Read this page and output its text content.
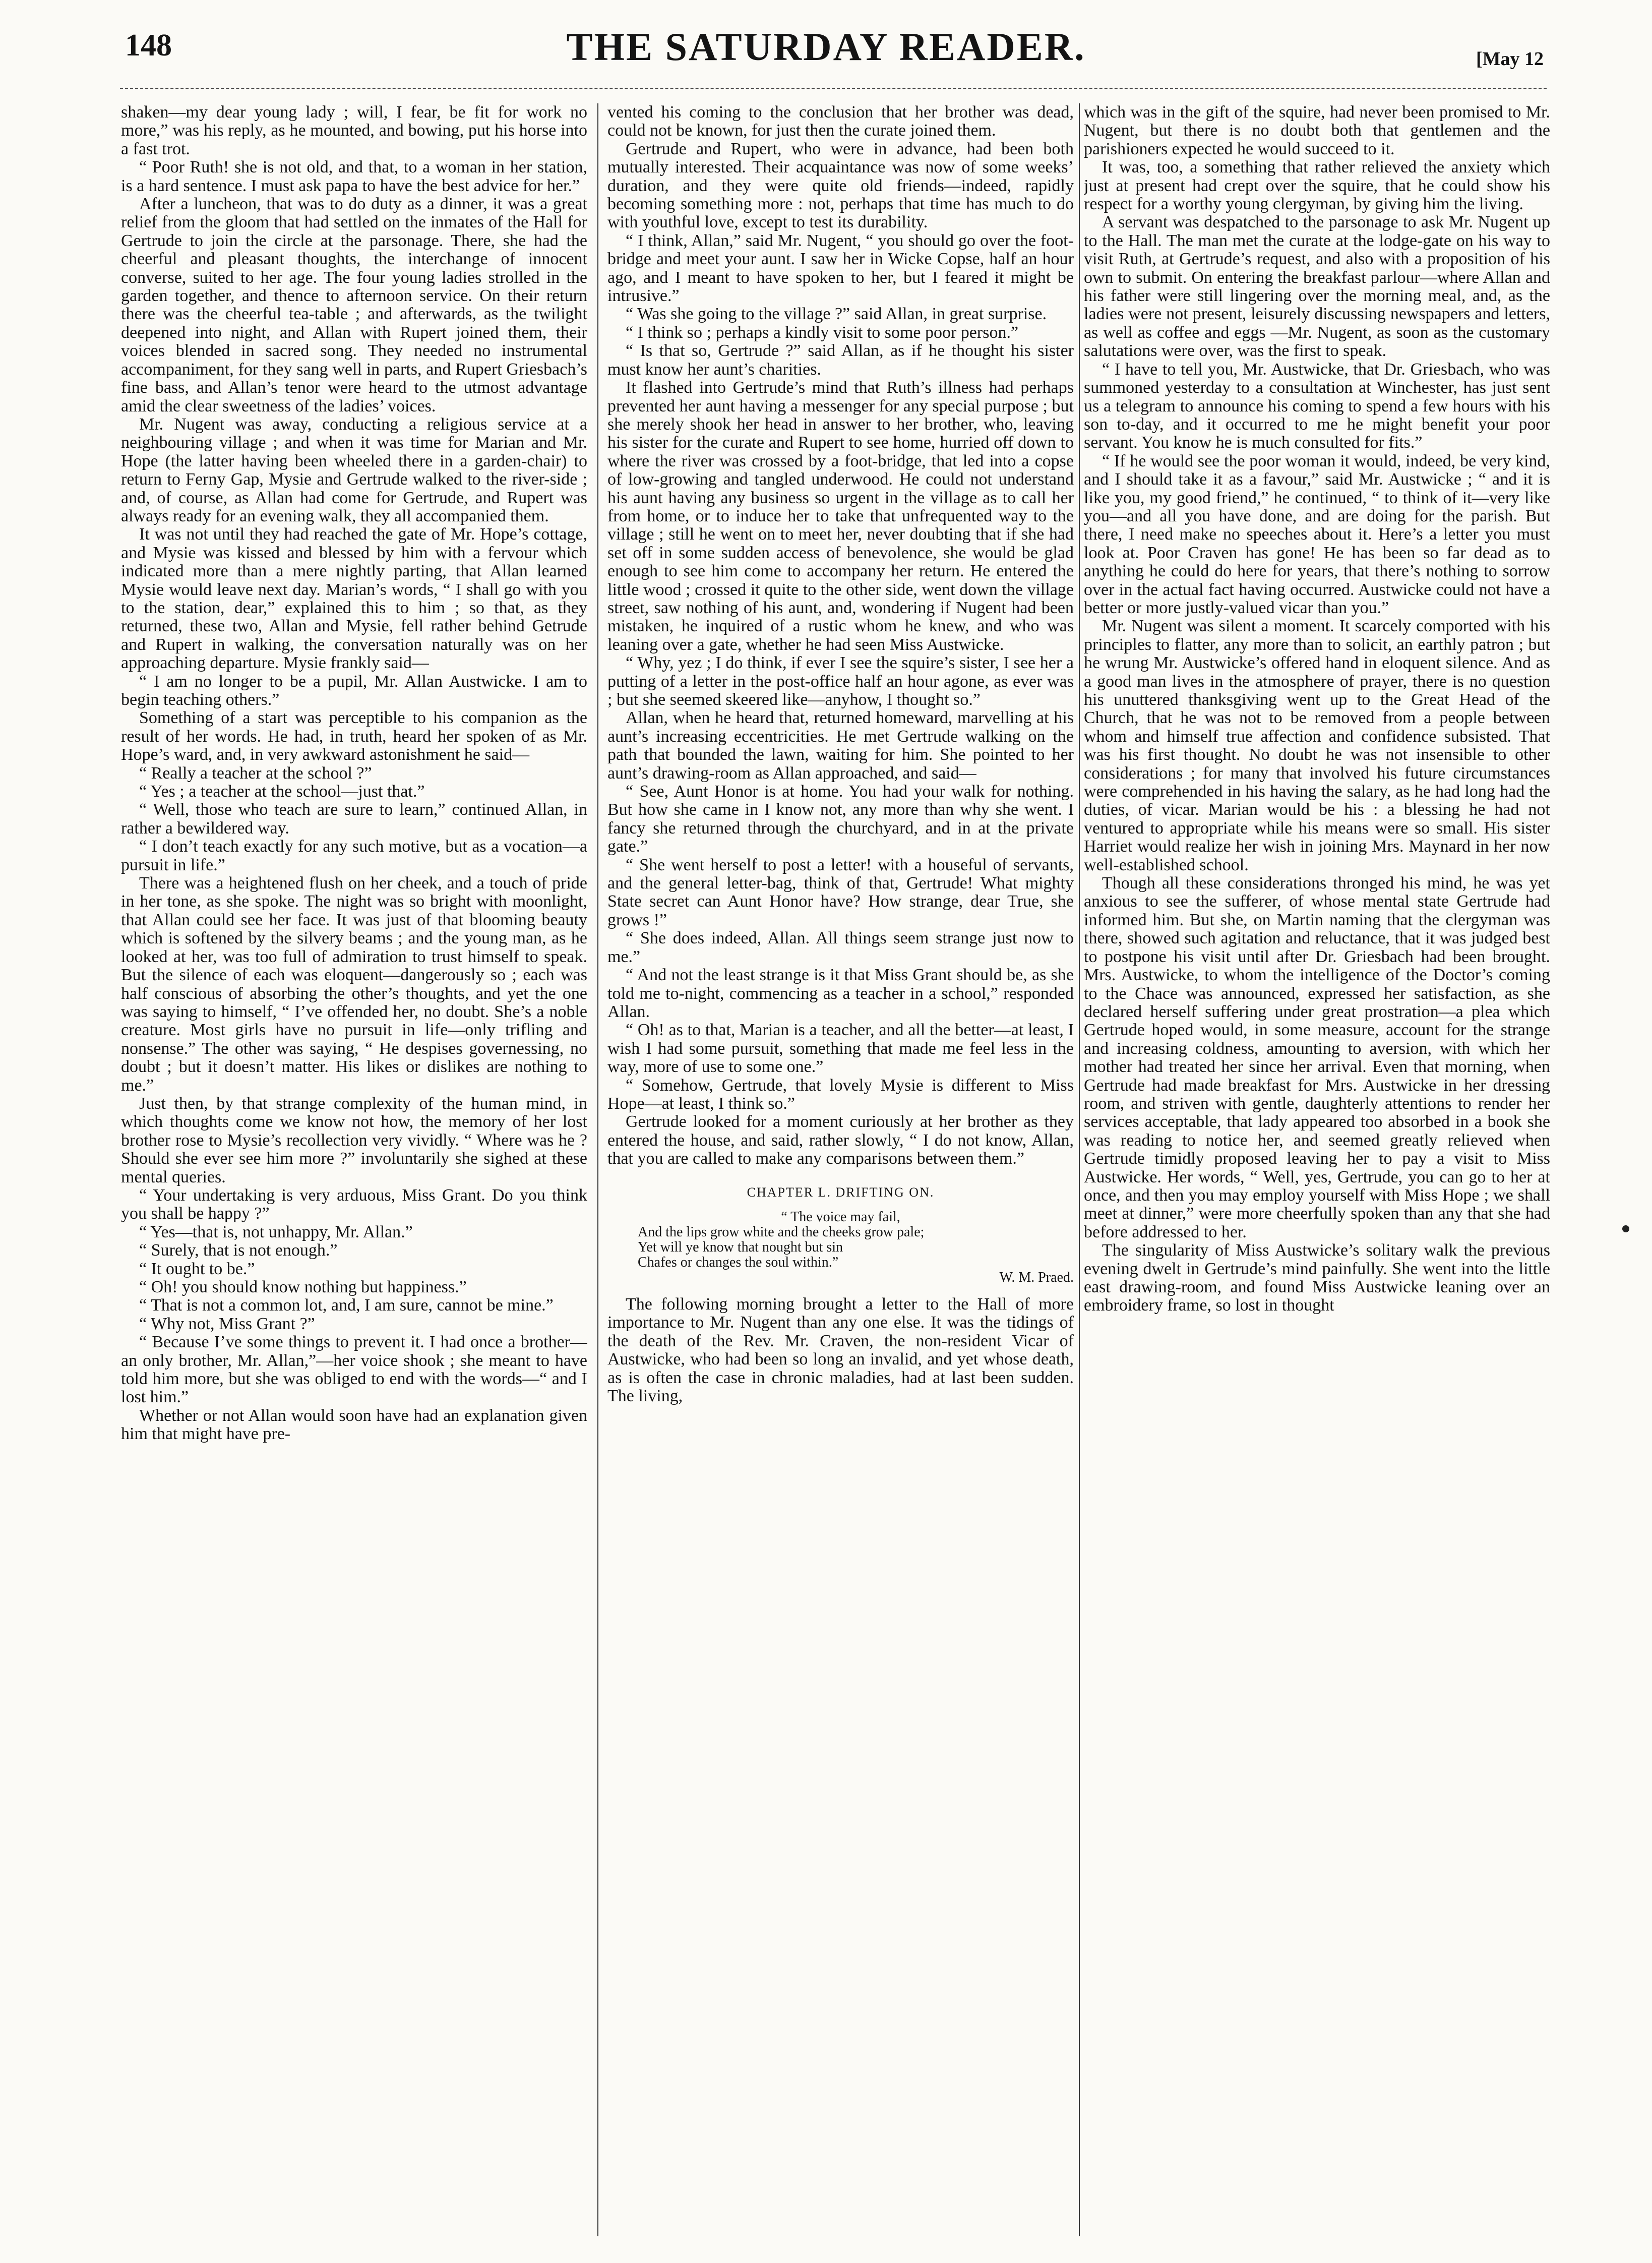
148	THE SATURDAY READER.	[May 12

shaken—my dear young lady ; will, I fear, be fit for work no more,” was his reply, as he mounted, and bowing, put his horse into a fast trot.

“ Poor Ruth! she is not old, and that, to a woman in her station, is a hard sentence. I must ask papa to have the best advice for her.”

After a luncheon, that was to do duty as a dinner, it was a great relief from the gloom that had settled on the inmates of the Hall for Gertrude to join the circle at the parsonage. There, she had the cheerful and pleasant thoughts, the interchange of innocent converse, suited to her age. The four young ladies strolled in the garden together, and thence to afternoon service. On their return there was the cheerful tea-table ; and afterwards, as the twilight deepened into night, and Allan with Rupert joined them, their voices blended in sacred song. They needed no instrumental accompaniment, for they sang well in parts, and Rupert Griesbach’s fine bass, and Allan’s tenor were heard to the utmost advantage amid the clear sweetness of the ladies’ voices.

Mr. Nugent was away, conducting a religious service at a neighbouring village ; and when it was time for Marian and Mr. Hope (the latter having been wheeled there in a garden-chair) to return to Ferny Gap, Mysie and Gertrude walked to the river-side ; and, of course, as Allan had come for Gertrude, and Rupert was always ready for an evening walk, they all accompanied them.

It was not until they had reached the gate of Mr. Hope’s cottage, and Mysie was kissed and blessed by him with a fervour which indicated more than a mere nightly parting, that Allan learned Mysie would leave next day. Marian’s words, “ I shall go with you to the station, dear,” explained this to him ; so that, as they returned, these two, Allan and Mysie, fell rather behind Getrude and Rupert in walking, the conversation naturally was on her approaching departure. Mysie frankly said—

“ I am no longer to be a pupil, Mr. Allan Austwicke. I am to begin teaching others.”

Something of a start was perceptible to his companion as the result of her words. He had, in truth, heard her spoken of as Mr. Hope’s ward, and, in very awkward astonishment he said—

“ Really a teacher at the school ?”

“ Yes ; a teacher at the school—just that.”

“ Well, those who teach are sure to learn,” continued Allan, in rather a bewildered way.

“ I don’t teach exactly for any such motive, but as a vocation—a pursuit in life.”

There was a heightened flush on her cheek, and a touch of pride in her tone, as she spoke. The night was so bright with moonlight, that Allan could see her face. It was just of that blooming beauty which is softened by the silvery beams ; and the young man, as he looked at her, was too full of admiration to trust himself to speak. But the silence of each was eloquent—dangerously so ; each was half conscious of absorbing the other’s thoughts, and yet the one was saying to himself, “ I’ve offended her, no doubt. She’s a noble creature. Most girls have no pursuit in life—only trifling and nonsense.” The other was saying, “ He despises governessing, no doubt ; but it doesn’t matter. His likes or dislikes are nothing to me.”

Just then, by that strange complexity of the human mind, in which thoughts come we know not how, the memory of her lost brother rose to Mysie’s recollection very vividly. “ Where was he ? Should she ever see him more ?” involuntarily she sighed at these mental queries.

“ Your undertaking is very arduous, Miss Grant. Do you think you shall be happy ?”

“ Yes—that is, not unhappy, Mr. Allan.”

“ Surely, that is not enough.”

“ It ought to be.”

“ Oh! you should know nothing but happiness.”

“ That is not a common lot, and, I am sure, cannot be mine.”

“ Why not, Miss Grant ?”

“ Because I’ve some things to prevent it. I had once a brother—an only brother, Mr. Allan,”—her voice shook ; she meant to have told him more, but she was obliged to end with the words—“ and I lost him.”

Whether or not Allan would soon have had an explanation given him that might have pre-

vented his coming to the conclusion that her brother was dead, could not be known, for just then the curate joined them.

Gertrude and Rupert, who were in advance, had been both mutually interested. Their acquaintance was now of some weeks’ duration, and they were quite old friends—indeed, rapidly becoming something more : not, perhaps that time has much to do with youthful love, except to test its durability.

“ I think, Allan,” said Mr. Nugent, “ you should go over the foot-bridge and meet your aunt. I saw her in Wicke Copse, half an hour ago, and I meant to have spoken to her, but I feared it might be intrusive.”

“ Was she going to the village ?” said Allan, in great surprise.

“ I think so ; perhaps a kindly visit to some poor person.”

“ Is that so, Gertrude ?” said Allan, as if he thought his sister must know her aunt’s charities.

It flashed into Gertrude’s mind that Ruth’s illness had perhaps prevented her aunt having a messenger for any special purpose ; but she merely shook her head in answer to her brother, who, leaving his sister for the curate and Rupert to see home, hurried off down to where the river was crossed by a foot-bridge, that led into a copse of low-growing and tangled underwood. He could not understand his aunt having any business so urgent in the village as to call her from home, or to induce her to take that unfrequented way to the village ; still he went on to meet her, never doubting that if she had set off in some sudden access of benevolence, she would be glad enough to see him come to accompany her return. He entered the little wood ; crossed it quite to the other side, went down the village street, saw nothing of his aunt, and, wondering if Nugent had been mistaken, he inquired of a rustic whom he knew, and who was leaning over a gate, whether he had seen Miss Austwicke.

“ Why, yez ; I do think, if ever I see the squire’s sister, I see her a putting of a letter in the post-office half an hour agone, as ever was ; but she seemed skeered like—anyhow, I thought so.”

Allan, when he heard that, returned homeward, marvelling at his aunt’s increasing eccentricities. He met Gertrude walking on the path that bounded the lawn, waiting for him. She pointed to her aunt’s drawing-room as Allan approached, and said—

“ See, Aunt Honor is at home. You had your walk for nothing. But how she came in I know not, any more than why she went. I fancy she returned through the churchyard, and in at the private gate.”

“ She went herself to post a letter! with a houseful of servants, and the general letter-bag, think of that, Gertrude! What mighty State secret can Aunt Honor have? How strange, dear True, she grows !”

“ She does indeed, Allan. All things seem strange just now to me.”

“ And not the least strange is it that Miss Grant should be, as she told me to-night, commencing as a teacher in a school,” responded Allan.

“ Oh! as to that, Marian is a teacher, and all the better—at least, I wish I had some pursuit, something that made me feel less in the way, more of use to some one.”

“ Somehow, Gertrude, that lovely Mysie is different to Miss Hope—at least, I think so.”

Gertrude looked for a moment curiously at her brother as they entered the house, and said, rather slowly, “ I do not know, Allan, that you are called to make any comparisons between them.”

CHAPTER L. DRIFTING ON.
“ The voice may fail,
And the lips grow white and the cheeks grow pale;
Yet will ye know that nought but sin
Chafes or changes the soul within.”
W. M. Praed.

The following morning brought a letter to the Hall of more importance to Mr. Nugent than any one else. It was the tidings of the death of the Rev. Mr. Craven, the non-resident Vicar of Austwicke, who had been so long an invalid, and yet whose death, as is often the case in chronic maladies, had at last been sudden. The living,

which was in the gift of the squire, had never been promised to Mr. Nugent, but there is no doubt both that gentlemen and the parishioners expected he would succeed to it.

It was, too, a something that rather relieved the anxiety which just at present had crept over the squire, that he could show his respect for a worthy young clergyman, by giving him the living.

A servant was despatched to the parsonage to ask Mr. Nugent up to the Hall. The man met the curate at the lodge-gate on his way to visit Ruth, at Gertrude’s request, and also with a proposition of his own to submit. On entering the breakfast parlour—where Allan and his father were still lingering over the morning meal, and, as the ladies were not present, leisurely discussing newspapers and letters, as well as coffee and eggs —Mr. Nugent, as soon as the customary salutations were over, was the first to speak.

“ I have to tell you, Mr. Austwicke, that Dr. Griesbach, who was summoned yesterday to a consultation at Winchester, has just sent us a telegram to announce his coming to spend a few hours with his son to-day, and it occurred to me he might benefit your poor servant. You know he is much consulted for fits.”

“ If he would see the poor woman it would, indeed, be very kind, and I should take it as a favour,” said Mr. Austwicke ; “ and it is like you, my good friend,” he continued, “ to think of it—very like you—and all you have done, and are doing for the parish. But there, I need make no speeches about it. Here’s a letter you must look at. Poor Craven has gone! He has been so far dead as to anything he could do here for years, that there’s nothing to sorrow over in the actual fact having occurred. Austwicke could not have a better or more justly-valued vicar than you.”

Mr. Nugent was silent a moment. It scarcely comported with his principles to flatter, any more than to solicit, an earthly patron ; but he wrung Mr. Austwicke’s offered hand in eloquent silence. And as a good man lives in the atmosphere of prayer, there is no question his unuttered thanksgiving went up to the Great Head of the Church, that he was not to be removed from a people between whom and himself true affection and confidence subsisted. That was his first thought. No doubt he was not insensible to other considerations ; for many that involved his future circumstances were comprehended in his having the salary, as he had long had the duties, of vicar. Marian would be his : a blessing he had not ventured to appropriate while his means were so small. His sister Harriet would realize her wish in joining Mrs. Maynard in her now well-established school.

Though all these considerations thronged his mind, he was yet anxious to see the sufferer, of whose mental state Gertrude had informed him. But she, on Martin naming that the clergyman was there, showed such agitation and reluctance, that it was judged best to postpone his visit until after Dr. Griesbach had been brought. Mrs. Austwicke, to whom the intelligence of the Doctor’s coming to the Chace was announced, expressed her satisfaction, as she declared herself suffering under great prostration—a plea which Gertrude hoped would, in some measure, account for the strange and increasing coldness, amounting to aversion, with which her mother had treated her since her arrival. Even that morning, when Gertrude had made breakfast for Mrs. Austwicke in her dressing room, and striven with gentle, daughterly attentions to render her services acceptable, that lady appeared too absorbed in a book she was reading to notice her, and seemed greatly relieved when Gertrude timidly proposed leaving her to pay a visit to Miss Austwicke. Her words, “ Well, yes, Gertrude, you can go to her at once, and then you may employ yourself with Miss Hope ; we shall meet at dinner,” were more cheerfully spoken than any that she had before addressed to her.

The singularity of Miss Austwicke’s solitary walk the previous evening dwelt in Gertrude’s mind painfully. She went into the little east drawing-room, and found Miss Austwicke leaning over an embroidery frame, so lost in thought
